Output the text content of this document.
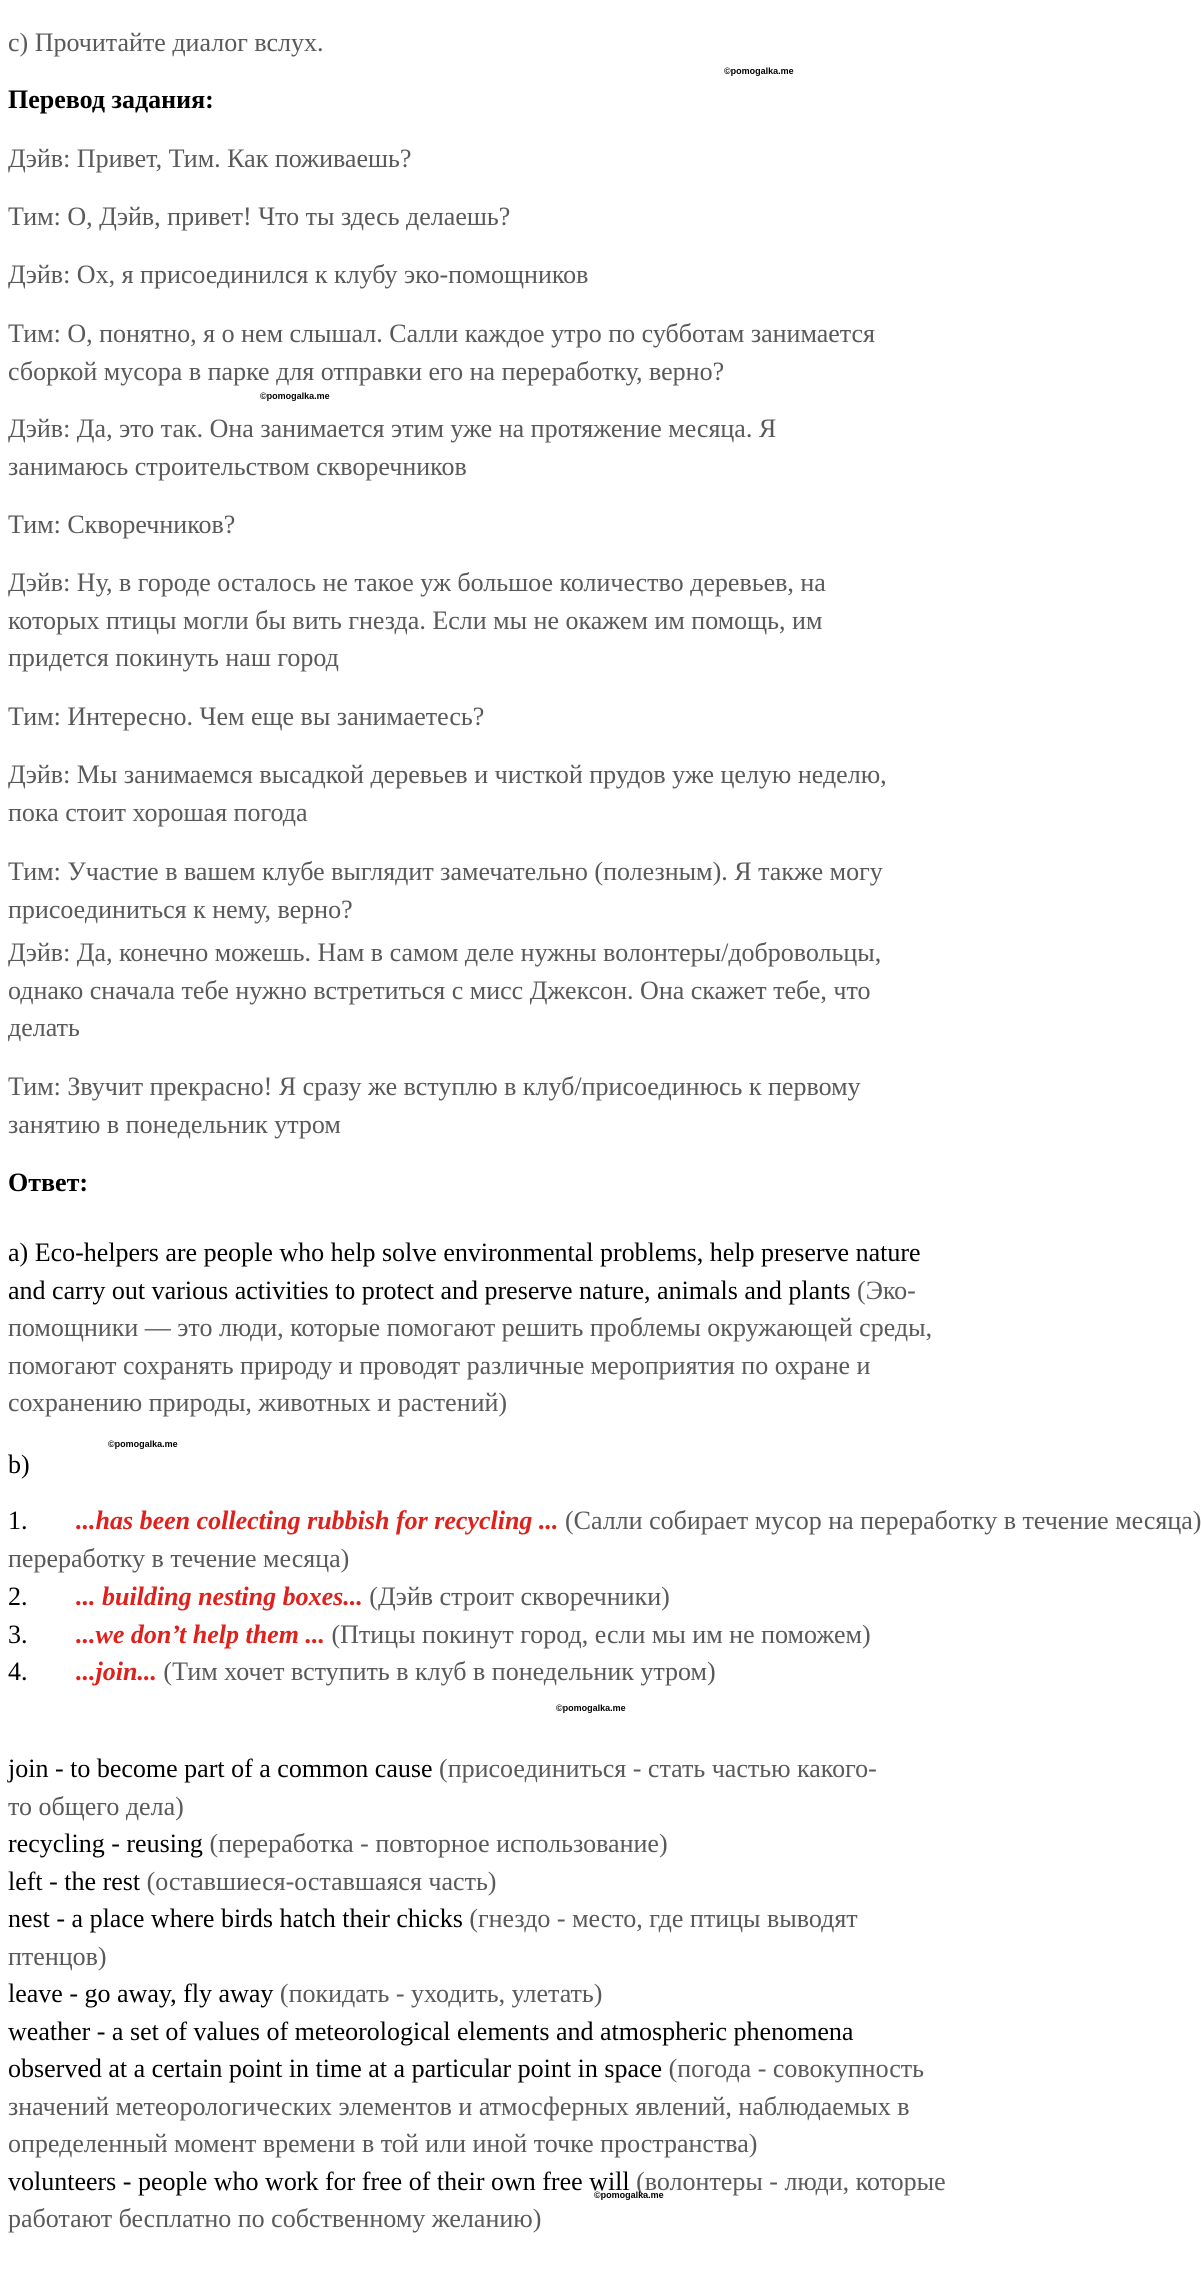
c) Прочитайте диалог вслух.

Перевод задания:

Дэйв: Привет, Тим. Как поживаешь?

Тим: О, Дэйв, привет! Что ты здесь делаешь?

Дэйв: Ох, я присоединился к клубу эко-помощников

Тим: О, понятно, я о нем слышал. Салли каждое утро по субботам занимается сборкой мусора в парке для отправки его на переработку, верно?

Дэйв: Да, это так. Она занимается этим уже на протяжение месяца. Я занимаюсь строительством скворечников

Тим: Скворечников?

Дэйв: Ну, в городе осталось не такое уж большое количество деревьев, на которых птицы могли бы вить гнезда. Если мы не окажем им помощь, им придется покинуть наш город

Тим: Интересно. Чем еще вы занимаетесь?

Дэйв: Мы занимаемся высадкой деревьев и чисткой прудов уже целую неделю, пока стоит хорошая погода

Тим: Участие в вашем клубе выглядит замечательно (полезным). Я также могу присоединиться к нему, верно?

Дэйв: Да, конечно можешь. Нам в самом деле нужны волонтеры/добровольцы, однако сначала тебе нужно встретиться с мисс Джексон. Она скажет тебе, что делать

Тим: Звучит прекрасно! Я сразу же вступлю в клуб/присоединюсь к первому занятию в понедельник утром

Ответ:

a) Eco-helpers are people who help solve environmental problems, help preserve nature and carry out various activities to protect and preserve nature, animals and plants (Эко-помощники — это люди, которые помогают решить проблемы окружающей среды, помогают сохранять природу и проводят различные мероприятия по охране и сохранению природы, животных и растений)

b)

1. ...has been collecting rubbish for recycling ... (Салли собирает мусор на переработку в течение месяца)

переработку в течение месяца)

2. ... building nesting boxes... (Дэйв строит скворечники)
3. ...we don’t help them ... (Птицы покинут город, если мы им не поможем)
4. ...join... (Тим хочет вступить в клуб в понедельник утром)

join - to become part of a common cause (присоединиться - стать частью какого-то общего дела)

recycling - reusing (переработка - повторное использование)

left - the rest (оставшиеся-оставшаяся часть)

nest - a place where birds hatch their chicks (гнездо - место, где птицы выводят птенцов)

leave - go away, fly away (покидать - уходить, улетать)

weather - a set of values of meteorological elements and atmospheric phenomena observed at a certain point in time at a particular point in space (погода - совокупность значений метеорологических элементов и атмосферных явлений, наблюдаемых в определенный момент времени в той или иной точке пространства)

volunteers - people who work for free of their own free will (волонтеры - люди, которые работают бесплатно по собственному желанию)

©pomogalka.me
©pomogalka.me
©pomogalka.me
©pomogalka.me
©pomogalka.me
